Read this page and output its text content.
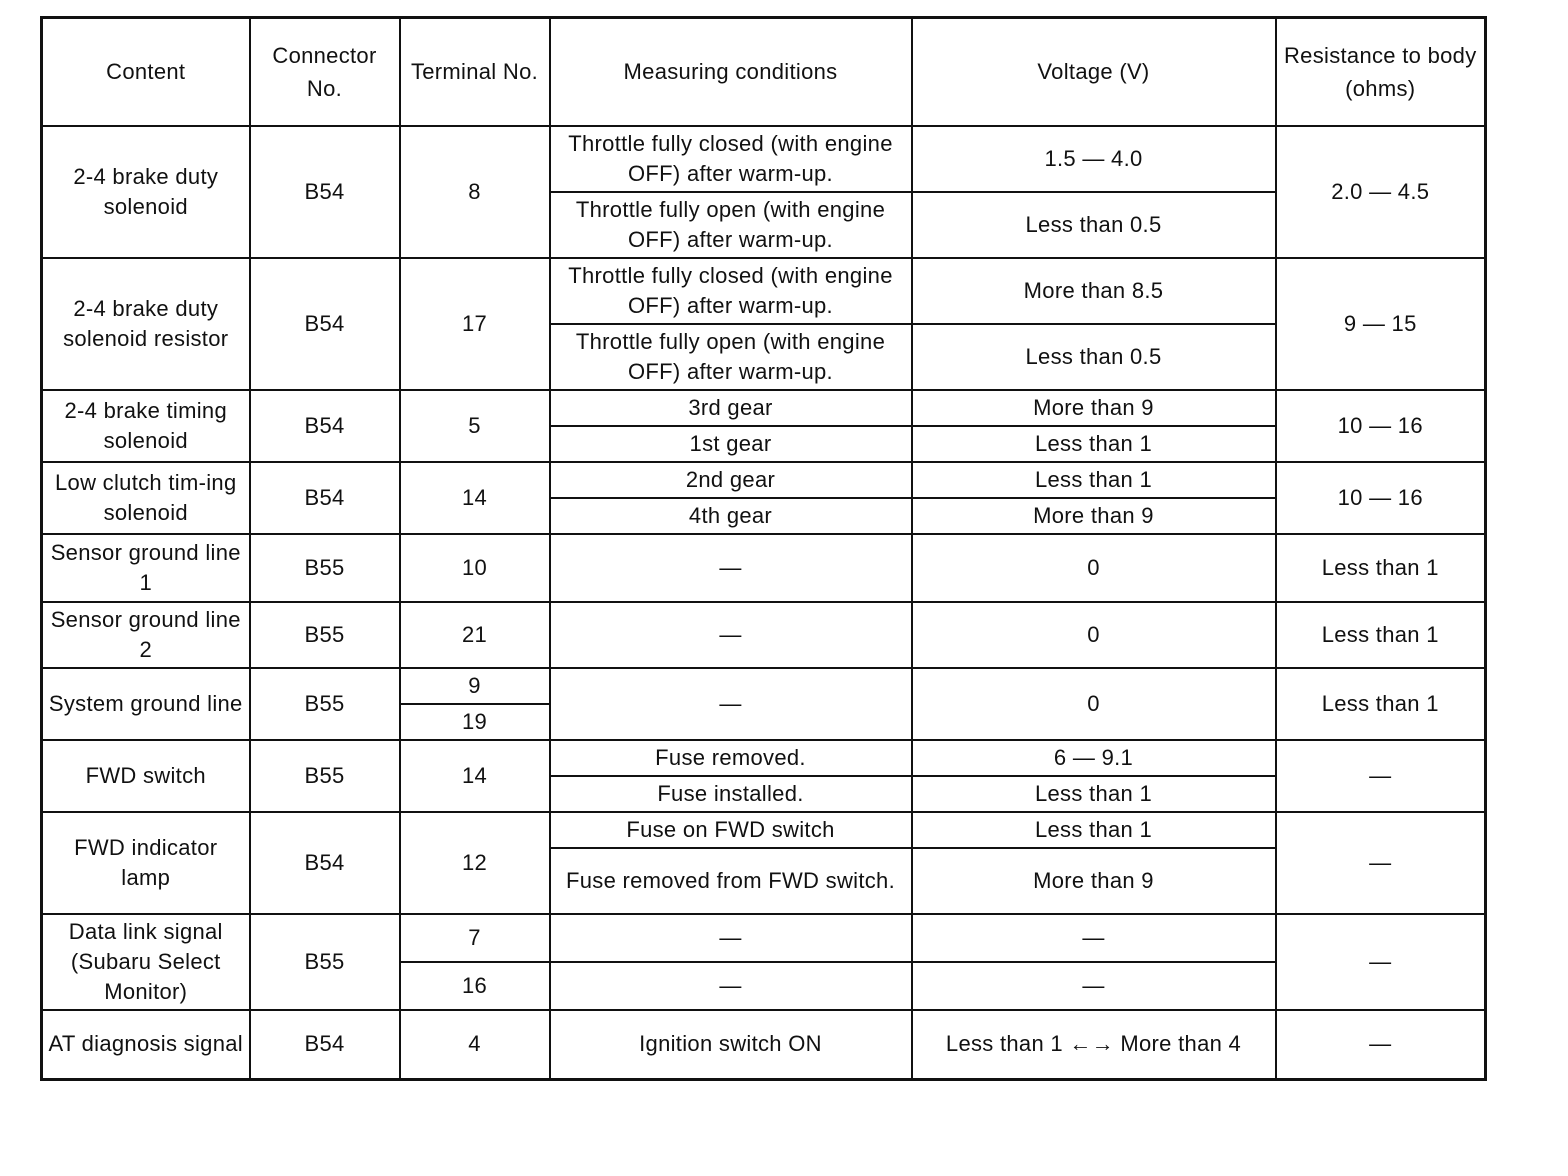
Content	Connector No.	Terminal No.	Measuring conditions	Voltage (V)	Resistance to body (ohms)
2-4 brake duty solenoid	B54	8	Throttle fully closed (with engine OFF) after warm-up.	1.5 — 4.0	2.0 — 4.5
			Throttle fully open (with engine OFF) after warm-up.	Less than 0.5	
2-4 brake duty solenoid resistor	B54	17	Throttle fully closed (with engine OFF) after warm-up.	More than 8.5	9 — 15
			Throttle fully open (with engine OFF) after warm-up.	Less than 0.5	
2-4 brake timing solenoid	B54	5	3rd gear	More than 9	10 — 16
			1st gear	Less than 1	
Low clutch tim-ing solenoid	B54	14	2nd gear	Less than 1	10 — 16
			4th gear	More than 9	
Sensor ground line 1	B55	10	—	0	Less than 1
Sensor ground line 2	B55	21	—	0	Less than 1
System ground line	B55	9	—	0	Less than 1
		19			
FWD switch	B55	14	Fuse removed.	6 — 9.1	—
			Fuse installed.	Less than 1	
FWD indicator lamp	B54	12	Fuse on FWD switch	Less than 1	—
			Fuse removed from FWD switch.	More than 9	
Data link signal (Subaru Select Monitor)	B55	7	—	—	—
		16	—	—	
AT diagnosis signal	B54	4	Ignition switch ON	Less than 1 ←→ More than 4	—
